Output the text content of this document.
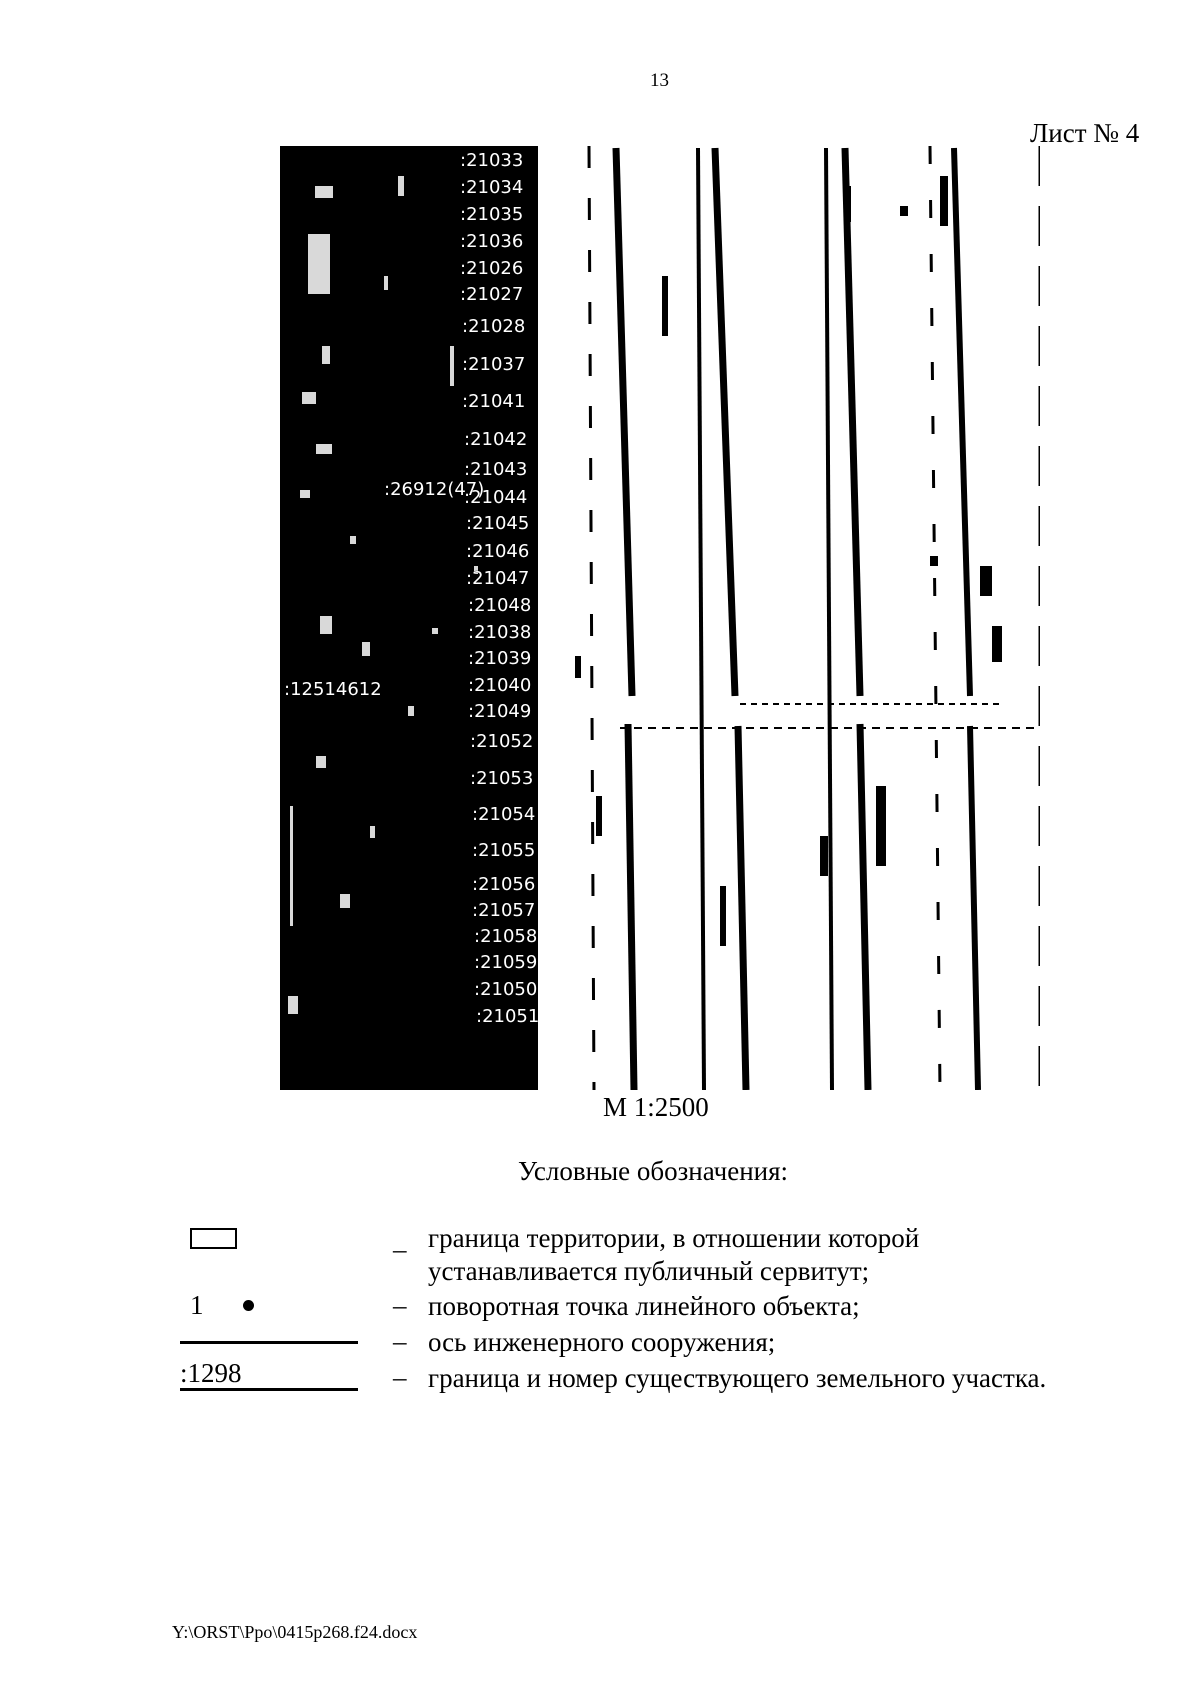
13
Лист № 4
:21033
:21034
:21035
:21036
:21026
:21027
:21028
:21037
:21041
:21042
:21043
:21044
:21045
:21046
:21047
:21048
:21038
:21039
:21040
:21049
:21052
:21053
:21054
:21055
:21056
:21057
:21058
:21059
:21050
:21051
:26912(47)
:12514612
М 1:2500
Условные обозначения:
– граница территории, в отношении которой
устанавливается публичный сервитут;
1	– поворотная точка линейного объекта;
– ось инженерного сооружения;
:1298	– граница и номер существующего земельного участка.
Y:\ORST\Ppo\0415p268.f24.docx
